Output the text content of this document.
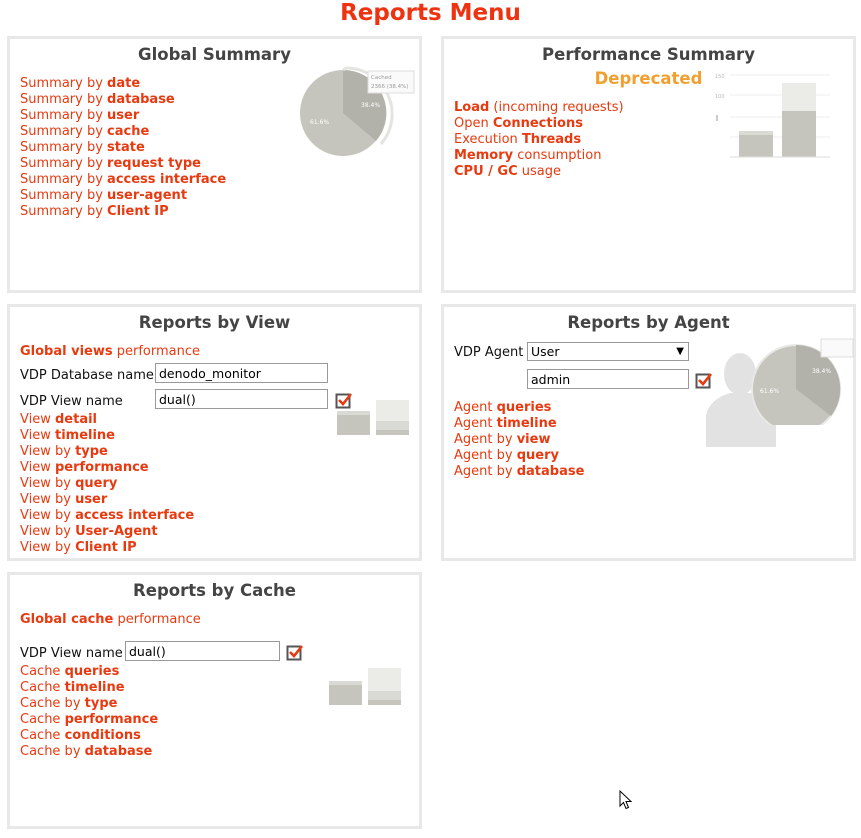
Reports Menu
Global Summary
Summary by date
Summary by database
Summary by user
Summary by cache
Summary by state
Summary by request type
Summary by access interface
Summary by user-agent
Summary by Client IP
38.4%
61.6%
Cached
2366 (38.4%)
Performance Summary
Deprecated
Load (incoming requests)
Open Connections
Execution Threads
Memory consumption
CPU / GC usage
150
100
Reports by View
Global views performance
VDP Database name
denodo_monitor
VDP View name
dual()
View detail
View timeline
View by type
View performance
View by query
View by user
View by access interface
View by User-Agent
View by Client IP
Reports by Agent
38.4%
61.6%
VDP Agent User	▼
admin
Agent queries
Agent timeline
Agent by view
Agent by query
Agent by database
Reports by Cache
Global cache performance
VDP View name
dual()
Cache queries
Cache timeline
Cache by type
Cache performance
Cache conditions
Cache by database
